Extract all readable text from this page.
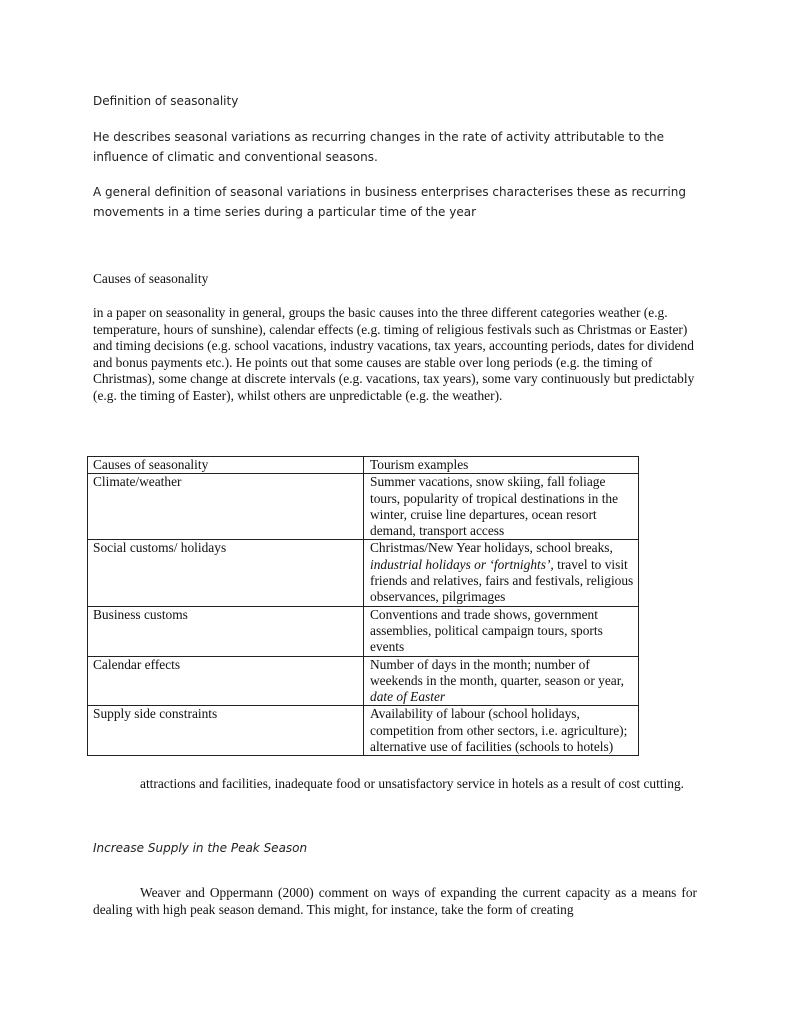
Definition of seasonality
He describes seasonal variations as recurring changes in the rate of activity attributable to the influence of climatic and conventional seasons.
A general definition of seasonal variations in business enterprises characterises these as recurring movements in a time series during a particular time of the year
Causes of seasonality
in a paper on seasonality in general, groups the basic causes into the three different categories weather (e.g. temperature, hours of sunshine), calendar effects (e.g. timing of religious festivals such as Christmas or Easter) and timing decisions (e.g. school vacations, industry vacations, tax years, accounting periods, dates for dividend and bonus payments etc.). He points out that some causes are stable over long periods (e.g. the timing of Christmas), some change at discrete intervals (e.g. vacations, tax years), some vary continuously but predictably (e.g. the timing of Easter), whilst others are unpredictable (e.g. the weather).
Causes of seasonality	Tourism examples
Climate/weather	Summer vacations, snow skiing, fall foliage tours, popularity of tropical destinations in the winter, cruise line departures, ocean resort demand, transport access
Social customs/ holidays	Christmas/New Year holidays, school breaks, industrial holidays or ‘fortnights’, travel to visit friends and relatives, fairs and festivals, religious observances, pilgrimages
Business customs	Conventions and trade shows, government assemblies, political campaign tours, sports events
Calendar effects	Number of days in the month; number of weekends in the month, quarter, season or year, date of Easter
Supply side constraints	Availability of labour (school holidays, competition from other sectors, i.e. agriculture); alternative use of facilities (schools to hotels)
attractions and facilities, inadequate food or unsatisfactory service in hotels as a result of cost cutting.
Increase Supply in the Peak Season
Weaver and Oppermann (2000) comment on ways of expanding the current capacity as a means for dealing with high peak season demand. This might, for instance, take the form of creating
